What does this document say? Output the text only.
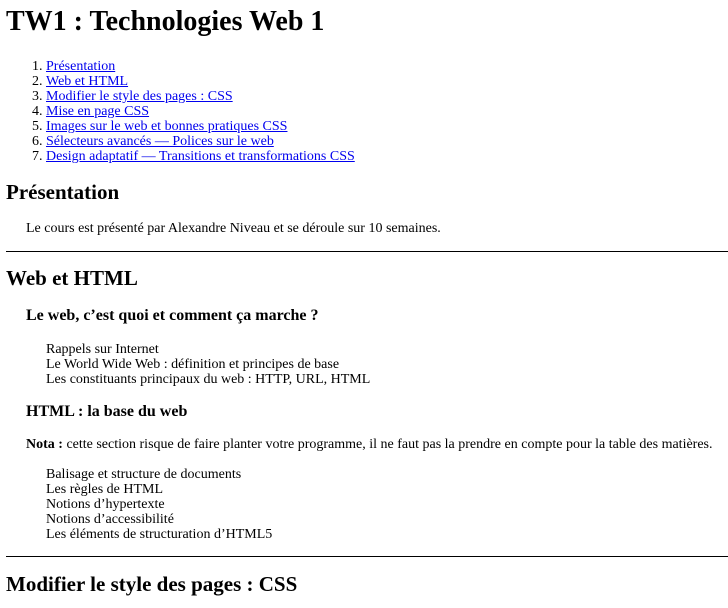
TW1 : Technologies Web 1
1. Présentation
2. Web et HTML
3. Modifier le style des pages : CSS
4. Mise en page CSS
5. Images sur le web et bonnes pratiques CSS
6. Sélecteurs avancés — Polices sur le web
7. Design adaptatif — Transitions et transformations CSS
Présentation

Le cours est présenté par Alexandre Niveau et se déroule sur 10 semaines.

Web et HTML
Le web, c’est quoi et comment ça marche ?
Rappels sur Internet
Le World Wide Web : définition et principes de base
Les constituants principaux du web : HTTP, URL, HTML
HTML : la base du web

Nota : cette section risque de faire planter votre programme, il ne faut pas la prendre en compte pour la table des matières.

Balisage et structure de documents
Les règles de HTML
Notions d’hypertexte
Notions d’accessibilité
Les éléments de structuration d’HTML5
Modifier le style des pages : CSS
